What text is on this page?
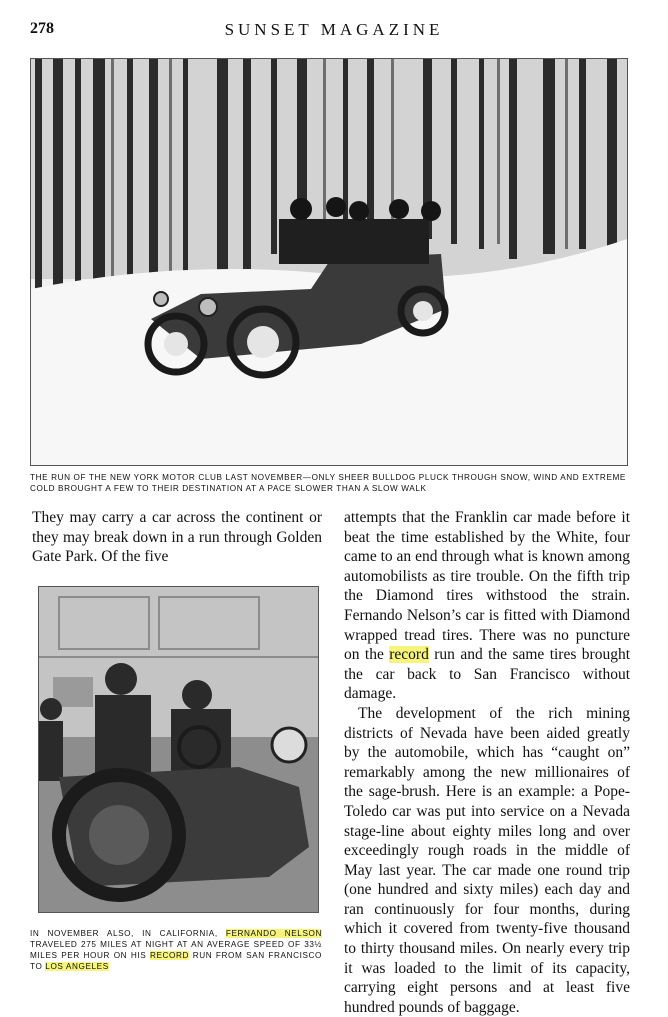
278	SUNSET MAGAZINE
THE RUN OF THE NEW YORK MOTOR CLUB LAST NOVEMBER—ONLY SHEER BULLDOG PLUCK THROUGH SNOW, WIND AND EXTREME COLD BROUGHT A FEW TO THEIR DESTINATION AT A PACE SLOWER THAN A SLOW WALK
They may carry a car across the continent or they may break down in a run through Golden Gate Park. Of the five
IN NOVEMBER ALSO, IN CALIFORNIA, FERNANDO NELSON TRAVELED 275 MILES AT NIGHT AT AN AVERAGE SPEED OF 33½ MILES PER HOUR ON HIS RECORD RUN FROM SAN FRANCISCO TO LOS ANGELES

attempts that the Franklin car made before it beat the time established by the White, four came to an end through what is known among automobilists as tire trouble. On the fifth trip the Diamond tires withstood the strain. Fernando Nelson’s car is fitted with Diamond wrapped tread tires. There was no puncture on the record run and the same tires brought the car back to San Francisco without damage.

The development of the rich mining districts of Nevada have been aided greatly by the automobile, which has “caught on” remarkably among the new millionaires of the sage-brush. Here is an example: a Pope-Toledo car was put into service on a Nevada stage-line about eighty miles long and over exceedingly rough roads in the middle of May last year. The car made one round trip (one hundred and sixty miles) each day and ran continuously for four months, during which it covered from twenty-five thousand to thirty thousand miles. On nearly every trip it was loaded to the limit of its capacity, carrying eight persons and at least five hundred pounds of baggage.
